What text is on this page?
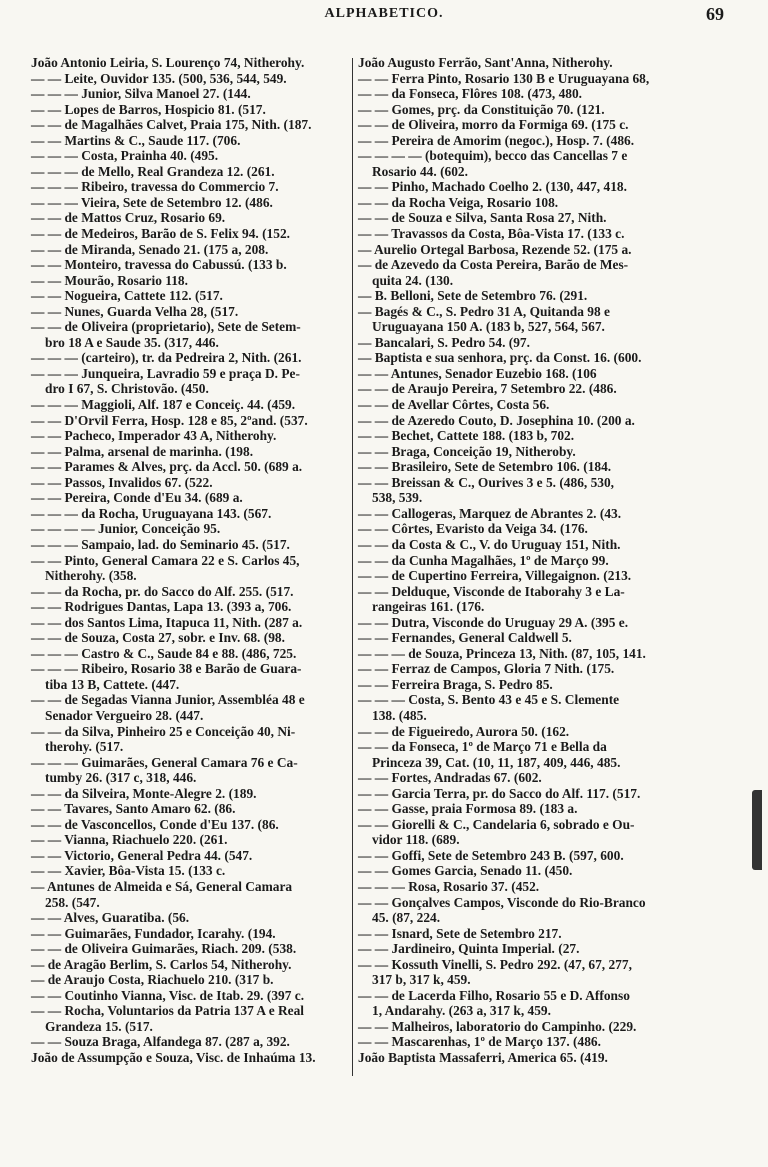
ALPHABETICO.	69
João Antonio Leiria, S. Lourenço 74, Nitherohy.
— — Leite, Ouvidor 135. (500, 536, 544, 549.
— — — Junior, Silva Manoel 27. (144.
— — Lopes de Barros, Hospicio 81. (517.
— — de Magalhães Calvet, Praia 175, Nith. (187.
— — Martins & C., Saude 117. (706.
— — — Costa, Prainha 40. (495.
— — — de Mello, Real Grandeza 12. (261.
— — — Ribeiro, travessa do Commercio 7.
— — — Vieira, Sete de Setembro 12. (486.
— — de Mattos Cruz, Rosario 69.
— — de Medeiros, Barão de S. Felix 94. (152.
— — de Miranda, Senado 21. (175 a, 208.
— — Monteiro, travessa do Cabussú. (133 b.
— — Mourão, Rosario 118.
— — Nogueira, Cattete 112. (517.
— — Nunes, Guarda Velha 28, (517.
— — de Oliveira (proprietario), Sete de Setem-
bro 18 A e Saude 35. (317, 446.
— — — (carteiro), tr. da Pedreira 2, Nith. (261.
— — — Junqueira, Lavradio 59 e praça D. Pe-
dro I 67, S. Christovão. (450.
— — — Maggioli, Alf. 187 e Conceiç. 44. (459.
— — D'Orvil Ferra, Hosp. 128 e 85, 2ºand. (537.
— — Pacheco, Imperador 43 A, Nitherohy.
— — Palma, arsenal de marinha. (198.
— — Parames & Alves, prç. da Accl. 50. (689 a.
— — Passos, Invalidos 67. (522.
— — Pereira, Conde d'Eu 34. (689 a.
— — — da Rocha, Uruguayana 143. (567.
— — — — Junior, Conceição 95.
— — — Sampaio, lad. do Seminario 45. (517.
— — Pinto, General Camara 22 e S. Carlos 45,
Nitherohy. (358.
— — da Rocha, pr. do Sacco do Alf. 255. (517.
— — Rodrigues Dantas, Lapa 13. (393 a, 706.
— — dos Santos Lima, Itapuca 11, Nith. (287 a.
— — de Souza, Costa 27, sobr. e Inv. 68. (98.
— — — Castro & C., Saude 84 e 88. (486, 725.
— — — Ribeiro, Rosario 38 e Barão de Guara-
tiba 13 B, Cattete. (447.
— — de Segadas Vianna Junior, Assembléa 48 e
Senador Vergueiro 28. (447.
— — da Silva, Pinheiro 25 e Conceição 40, Ni-
therohy. (517.
— — — Guimarães, General Camara 76 e Ca-
tumby 26. (317 c, 318, 446.
— — da Silveira, Monte-Alegre 2. (189.
— — Tavares, Santo Amaro 62. (86.
— — de Vasconcellos, Conde d'Eu 137. (86.
— — Vianna, Riachuelo 220. (261.
— — Victorio, General Pedra 44. (547.
— — Xavier, Bôa-Vista 15. (133 c.
— Antunes de Almeida e Sá, General Camara
258. (547.
— — Alves, Guaratiba. (56.
— — Guimarães, Fundador, Icarahy. (194.
— — de Oliveira Guimarães, Riach. 209. (538.
— de Aragão Berlim, S. Carlos 54, Nitherohy.
— de Araujo Costa, Riachuelo 210. (317 b.
— — Coutinho Vianna, Visc. de Itab. 29. (397 c.
— — Rocha, Voluntarios da Patria 137 A e Real
Grandeza 15. (517.
— — Souza Braga, Alfandega 87. (287 a, 392.
João de Assumpção e Souza, Visc. de Inhaúma 13.
João Augusto Ferrão, Sant'Anna, Nitherohy.
— — Ferra Pinto, Rosario 130 B e Uruguayana 68,
— — da Fonseca, Flôres 108. (473, 480.
— — Gomes, prç. da Constituição 70. (121.
— — de Oliveira, morro da Formiga 69. (175 c.
— — Pereira de Amorim (negoc.), Hosp. 7. (486.
— — — — (botequim), becco das Cancellas 7 e
Rosario 44. (602.
— — Pinho, Machado Coelho 2. (130, 447, 418.
— — da Rocha Veiga, Rosario 108.
— — de Souza e Silva, Santa Rosa 27, Nith.
— — Travassos da Costa, Bôa-Vista 17. (133 c.
— Aurelio Ortegal Barbosa, Rezende 52. (175 a.
— de Azevedo da Costa Pereira, Barão de Mes-
quita 24. (130.
— B. Belloni, Sete de Setembro 76. (291.
— Bagés & C., S. Pedro 31 A, Quitanda 98 e
Uruguayana 150 A. (183 b, 527, 564, 567.
— Bancalari, S. Pedro 54. (97.
— Baptista e sua senhora, prç. da Const. 16. (600.
— — Antunes, Senador Euzebio 168. (106
— — de Araujo Pereira, 7 Setembro 22. (486.
— — de Avellar Côrtes, Costa 56.
— — de Azeredo Couto, D. Josephina 10. (200 a.
— — Bechet, Cattete 188. (183 b, 702.
— — Braga, Conceição 19, Nitheroby.
— — Brasileiro, Sete de Setembro 106. (184.
— — Breissan & C., Ourives 3 e 5. (486, 530,
538, 539.
— — Callogeras, Marquez de Abrantes 2. (43.
— — Côrtes, Evaristo da Veiga 34. (176.
— — da Costa & C., V. do Uruguay 151, Nith.
— — da Cunha Magalhães, 1º de Março 99.
— — de Cupertino Ferreira, Villegaignon. (213.
— — Delduque, Visconde de Itaborahy 3 e La-
rangeiras 161. (176.
— — Dutra, Visconde do Uruguay 29 A. (395 e.
— — Fernandes, General Caldwell 5.
— — — de Souza, Princeza 13, Nith. (87, 105, 141.
— — Ferraz de Campos, Gloria 7 Nith. (175.
— — Ferreira Braga, S. Pedro 85.
— — — Costa, S. Bento 43 e 45 e S. Clemente
138. (485.
— — de Figueiredo, Aurora 50. (162.
— — da Fonseca, 1º de Março 71 e Bella da
Princeza 39, Cat. (10, 11, 187, 409, 446, 485.
— — Fortes, Andradas 67. (602.
— — Garcia Terra, pr. do Sacco do Alf. 117. (517.
— — Gasse, praia Formosa 89. (183 a.
— — Giorelli & C., Candelaria 6, sobrado e Ou-
vidor 118. (689.
— — Goffi, Sete de Setembro 243 B. (597, 600.
— — Gomes Garcia, Senado 11. (450.
— — — Rosa, Rosario 37. (452.
— — Gonçalves Campos, Visconde do Rio-Branco
45. (87, 224.
— — Isnard, Sete de Setembro 217.
— — Jardineiro, Quinta Imperial. (27.
— — Kossuth Vinelli, S. Pedro 292. (47, 67, 277,
317 b, 317 k, 459.
— — de Lacerda Filho, Rosario 55 e D. Affonso
1, Andarahy. (263 a, 317 k, 459.
— — Malheiros, laboratorio do Campinho. (229.
— — Mascarenhas, 1º de Março 137. (486.
João Baptista Massaferri, America 65. (419.
